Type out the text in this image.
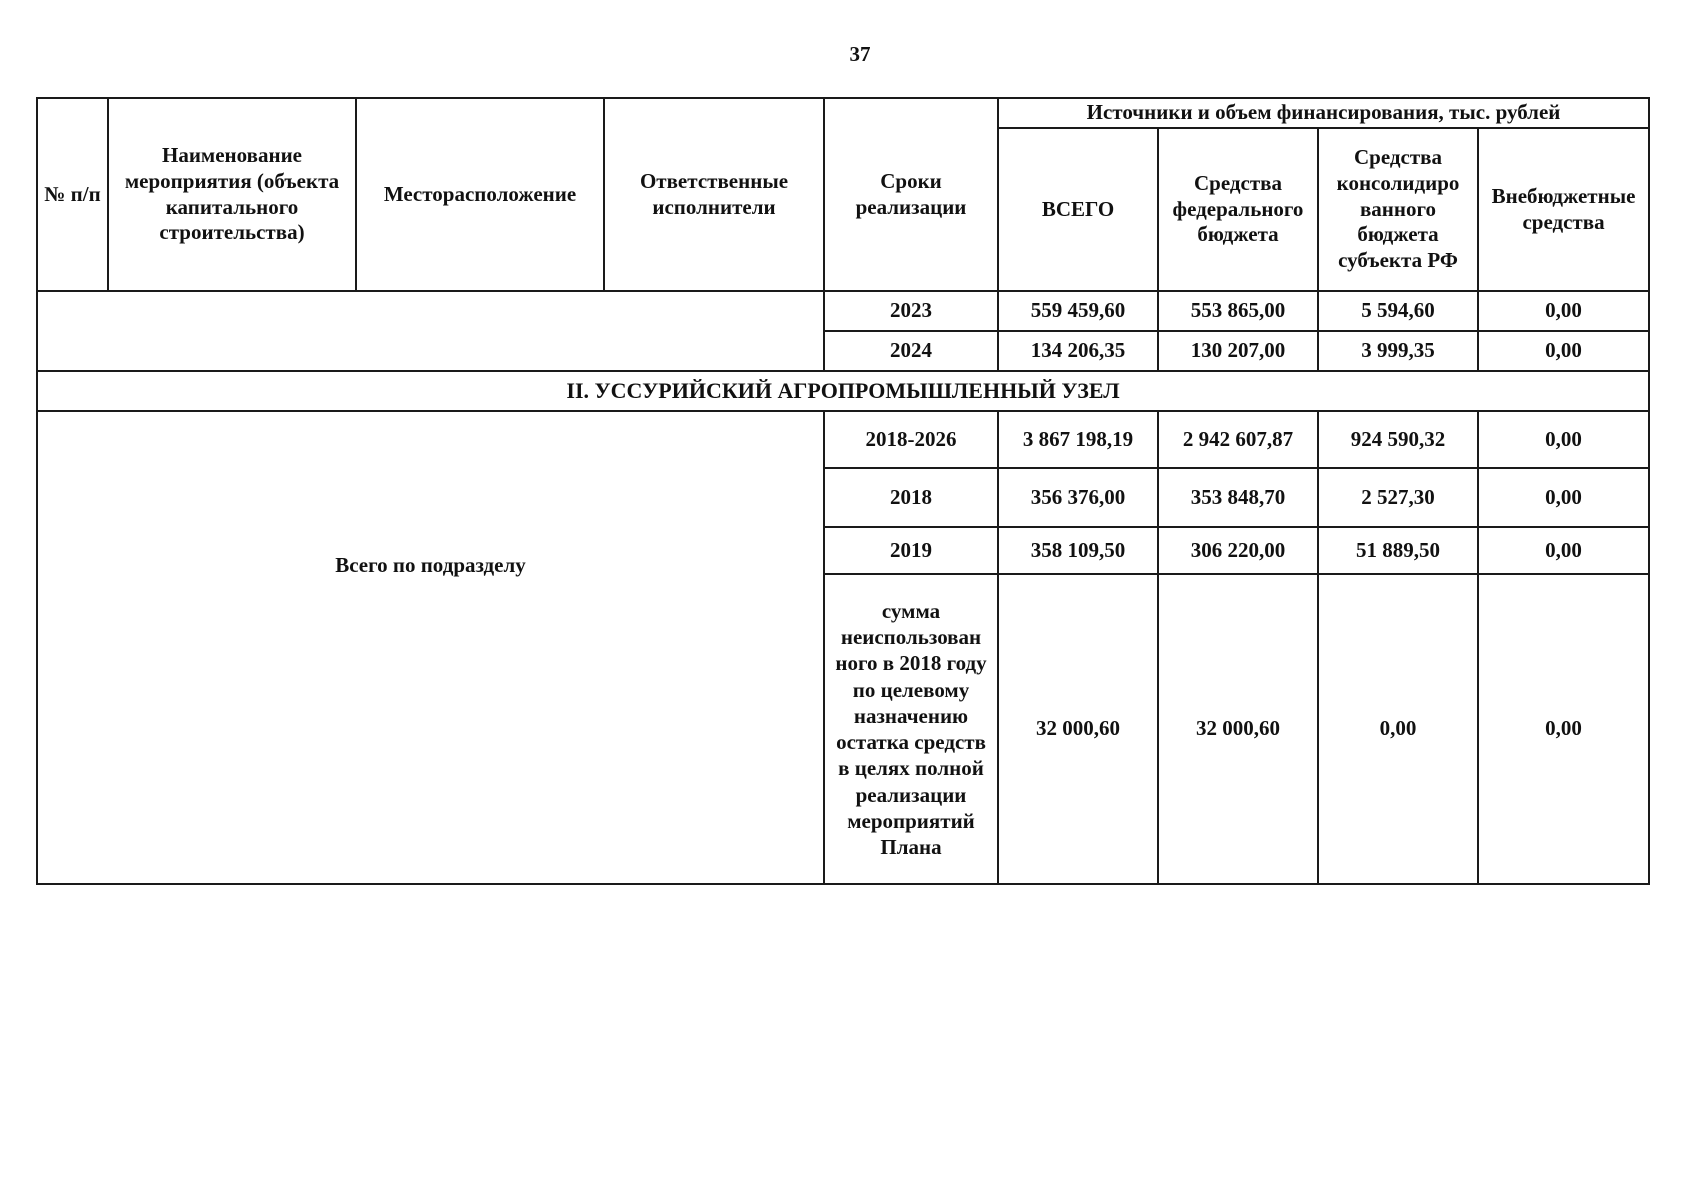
37
№ п/п	Наименование мероприятия (объекта капитального строительства)	Месторасположение	Ответственные исполнители	Сроки реализации	Источники и объем финансирования, тыс. рублей			
					ВСЕГО	Средства федерального бюджета	Средства консолидиро ванного бюджета субъекта РФ	Внебюджетные средства
				2023	559 459,60	553 865,00	5 594,60	0,00
				2024	134 206,35	130 207,00	3 999,35	0,00
II. УССУРИЙСКИЙ АГРОПРОМЫШЛЕННЫЙ УЗЕЛ								
Всего по подразделу				2018-2026	3 867 198,19	2 942 607,87	924 590,32	0,00
				2018	356 376,00	353 848,70	2 527,30	0,00
				2019	358 109,50	306 220,00	51 889,50	0,00
				сумма неиспользован ного в 2018 году по целевому назначению остатка средств в целях полной реализации мероприятий Плана	32 000,60	32 000,60	0,00	0,00
